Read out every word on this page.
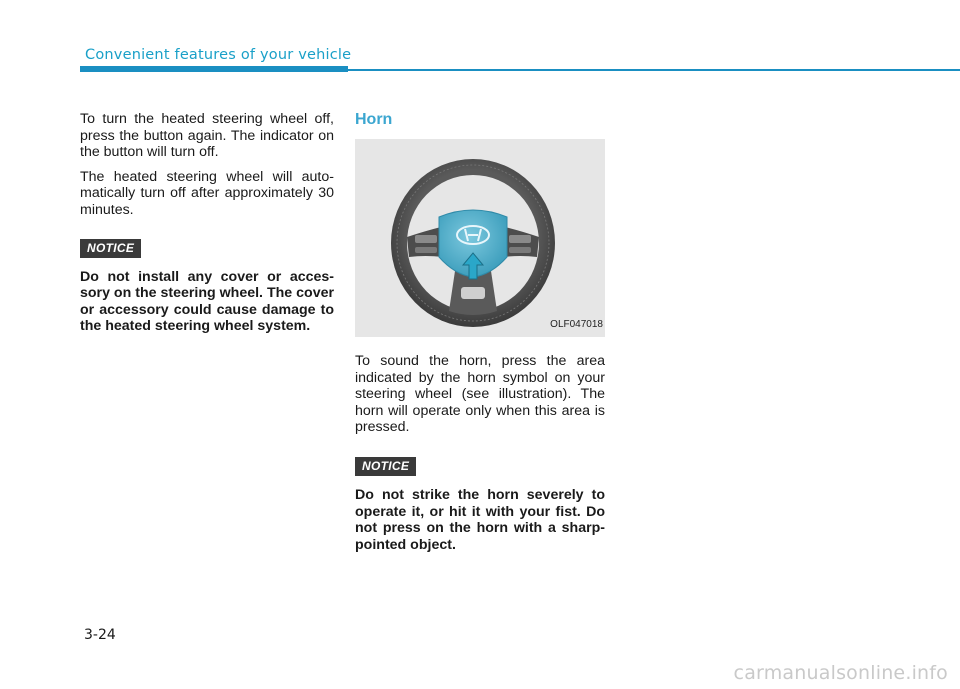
Convenient features of your vehicle

To turn the heated steering wheel off, press the button again. The indicator on the button will turn off.

The heated steering wheel will auto-matically turn off after approximately 30 minutes.

NOTICE

Do not install any cover or acces-sory on the steering wheel. The cover or accessory could cause damage to the heated steering wheel system.

Horn
OLF047018

To sound the horn, press the area indicated by the horn symbol on your steering wheel (see illustration). The horn will operate only when this area is pressed.

NOTICE

Do not strike the horn severely to operate it, or hit it with your fist. Do not press on the horn with a sharp-pointed object.

3-24
carmanualsonline.info
